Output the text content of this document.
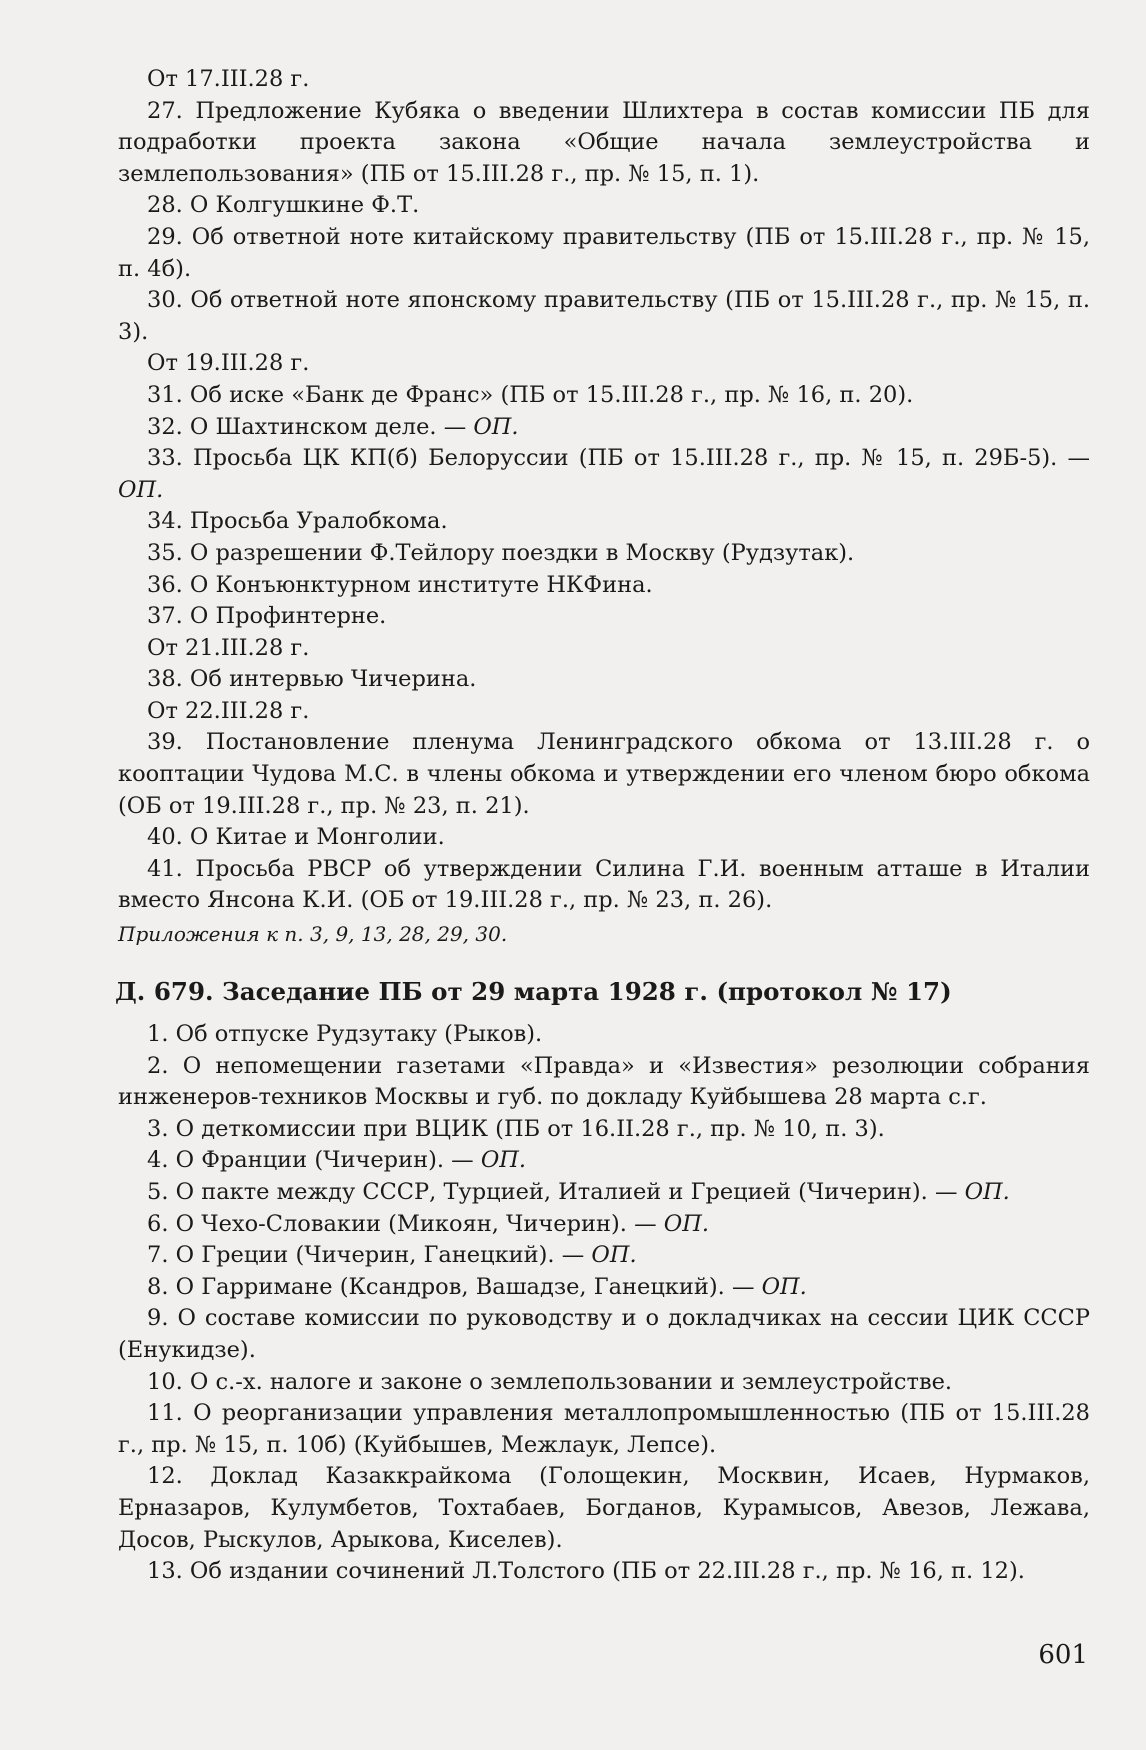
От 17.III.28 г.

27. Предложение Кубяка о введении Шлихтера в состав комиссии ПБ для подработки проекта закона «Общие начала землеустройства и землепользования» (ПБ от 15.III.28 г., пр. № 15, п. 1).

28. О Колгушкине Ф.Т.

29. Об ответной ноте китайскому правительству (ПБ от 15.III.28 г., пр. № 15, п. 4б).

30. Об ответной ноте японскому правительству (ПБ от 15.III.28 г., пр. № 15, п. 3).

От 19.III.28 г.

31. Об иске «Банк де Франс» (ПБ от 15.III.28 г., пр. № 16, п. 20).

32. О Шахтинском деле. — ОП.

33. Просьба ЦК КП(б) Белоруссии (ПБ от 15.III.28 г., пр. № 15, п. 29Б-5). — ОП.

34. Просьба Уралобкома.

35. О разрешении Ф.Тейлору поездки в Москву (Рудзутак).

36. О Конъюнктурном институте НКФина.

37. О Профинтерне.

От 21.III.28 г.

38. Об интервью Чичерина.

От 22.III.28 г.

39. Постановление пленума Ленинградского обкома от 13.III.28 г. о кооптации Чудова М.С. в члены обкома и утверждении его членом бюро обкома (ОБ от 19.III.28 г., пр. № 23, п. 21).

40. О Китае и Монголии.

41. Просьба РВСР об утверждении Силина Г.И. военным атташе в Италии вместо Янсона К.И. (ОБ от 19.III.28 г., пр. № 23, п. 26).

Приложения к п. 3, 9, 13, 28, 29, 30.

Д. 679. Заседание ПБ от 29 марта 1928 г. (протокол № 17)

1. Об отпуске Рудзутаку (Рыков).

2. О непомещении газетами «Правда» и «Известия» резолюции собрания инженеров-техников Москвы и губ. по докладу Куйбышева 28 марта с.г.

3. О деткомиссии при ВЦИК (ПБ от 16.II.28 г., пр. № 10, п. 3).

4. О Франции (Чичерин). — ОП.

5. О пакте между СССР, Турцией, Италией и Грецией (Чичерин). — ОП.

6. О Чехо-Словакии (Микоян, Чичерин). — ОП.

7. О Греции (Чичерин, Ганецкий). — ОП.

8. О Гарримане (Ксандров, Вашадзе, Ганецкий). — ОП.

9. О составе комиссии по руководству и о докладчиках на сессии ЦИК СССР (Енукидзе).

10. О с.-х. налоге и законе о землепользовании и землеустройстве.

11. О реорганизации управления металлопромышленностью (ПБ от 15.III.28 г., пр. № 15, п. 10б) (Куйбышев, Межлаук, Лепсе).

12. Доклад Казаккрайкома (Голощекин, Москвин, Исаев, Нурмаков, Ерназаров, Кулумбетов, Тохтабаев, Богданов, Курамысов, Авезов, Лежава, Досов, Рыскулов, Арыкова, Киселев).

13. Об издании сочинений Л.Толстого (ПБ от 22.III.28 г., пр. № 16, п. 12).

601
